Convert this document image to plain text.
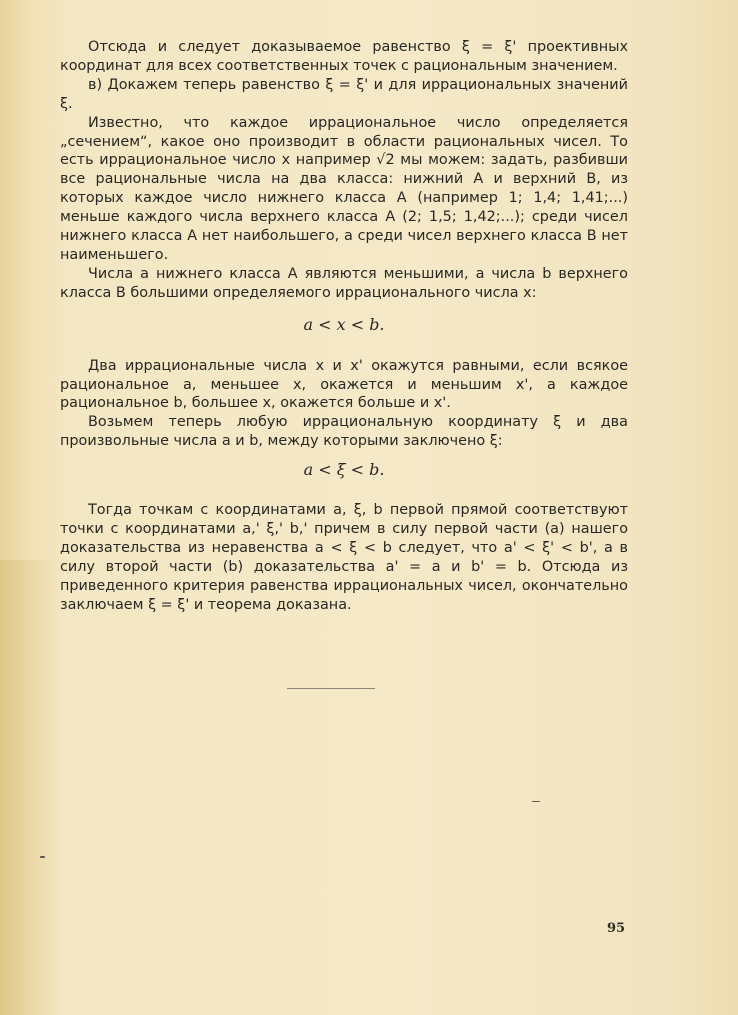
Отсюда и следует доказываемое равенство ξ = ξ' проективных координат для всех соответственных точек с рациональным значением.

в) Докажем теперь равенство ξ = ξ' и для иррациональных значений ξ.

Известно, что каждое иррациональное число определяется „сечением“, какое оно производит в области рациональных чисел. То есть иррациональное число x например √2 мы можем: задать, разбивши все рациональные числа на два класса: нижний A и верхний B, из которых каждое число нижнего класса A (например 1; 1,4; 1,41;...) меньше каждого числа верхнего класса A (2; 1,5; 1,42;...); среди чисел нижнего класса A нет наибольшего, а среди чисел верхнего класса B нет наименьшего.

Числа a нижнего класса A являются меньшими, а числа b верхнего класса B большими определяемого иррационального числа x:

a < x < b.

Два иррациональные числа x и x' окажутся равными, если всякое рациональное a, меньшее x, окажется и меньшим x', а каждое рациональное b, большее x, окажется больше и x'.

Возьмем теперь любую иррациональную координату ξ и два произвольные числа a и b, между которыми заключено ξ:

a < ξ < b.

Тогда точкам с координатами a, ξ, b первой прямой соответствуют точки с координатами a,' ξ,' b,' причем в силу первой части (a) нашего доказательства из неравенства a < ξ < b следует, что a' < ξ' < b', а в силу второй части (b) доказательства a' = a и b' = b. Отсюда из приведенного критерия равенства иррациональных чисел, окончательно заключаем ξ = ξ' и теорема доказана.

95
